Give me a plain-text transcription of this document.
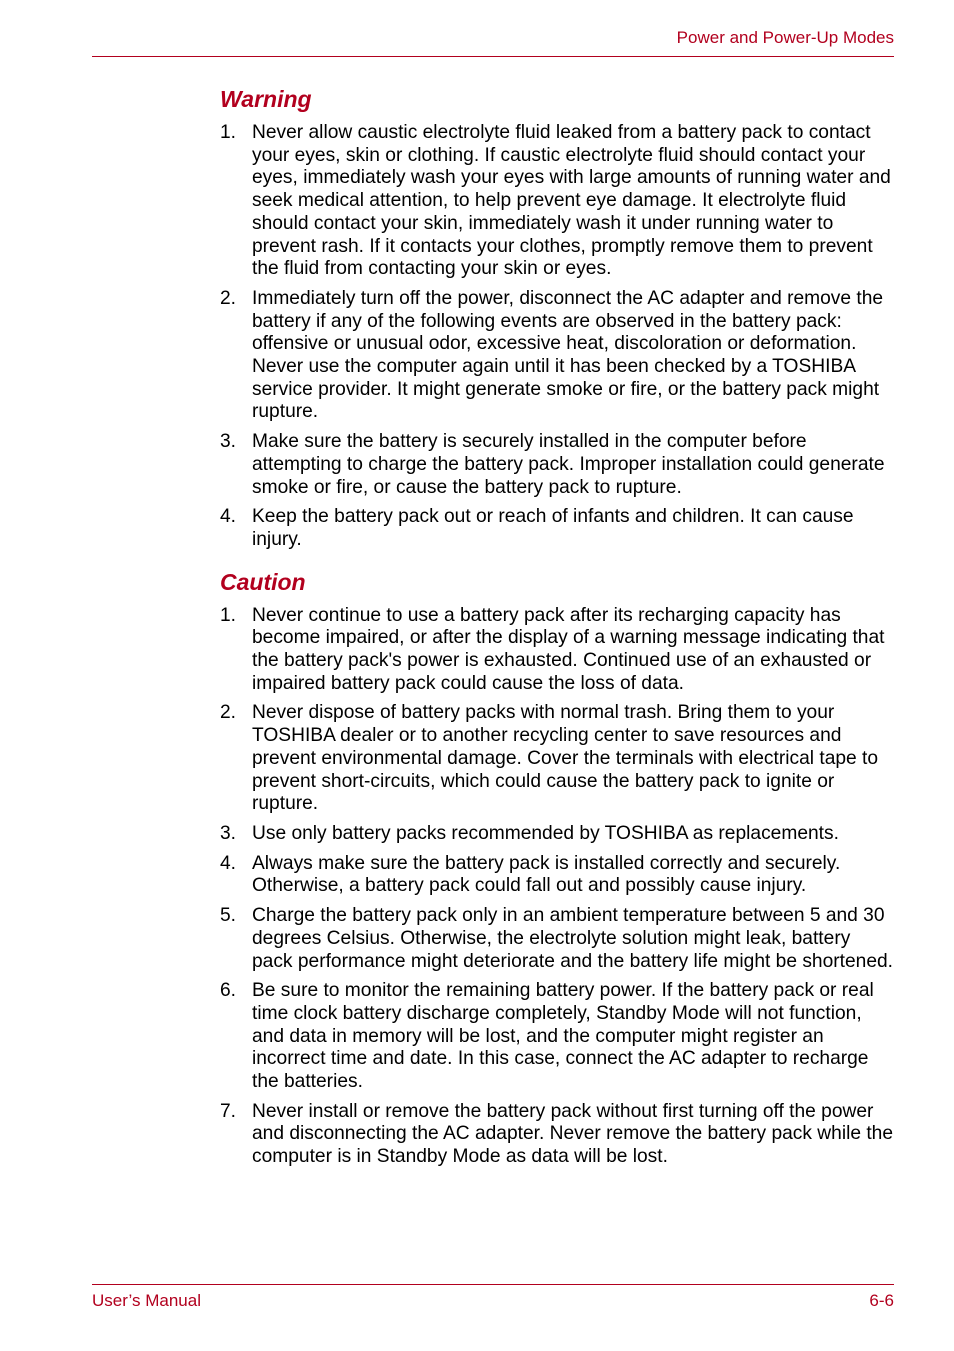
Power and Power-Up Modes
Warning
1. Never allow caustic electrolyte fluid leaked from a battery pack to contact your eyes, skin or clothing. If caustic electrolyte fluid should contact your eyes, immediately wash your eyes with large amounts of running water and seek medical attention, to help prevent eye damage. It electrolyte fluid should contact your skin, immediately wash it under running water to prevent rash. If it contacts your clothes, promptly remove them to prevent the fluid from contacting your skin or eyes.
2. Immediately turn off the power, disconnect the AC adapter and remove the battery if any of the following events are observed in the battery pack: offensive or unusual odor, excessive heat, discoloration or deformation. Never use the computer again until it has been checked by a TOSHIBA service provider. It might generate smoke or fire, or the battery pack might rupture.
3. Make sure the battery is securely installed in the computer before attempting to charge the battery pack. Improper installation could generate smoke or fire, or cause the battery pack to rupture.
4. Keep the battery pack out or reach of infants and children. It can cause injury.
Caution
1. Never continue to use a battery pack after its recharging capacity has become impaired, or after the display of a warning message indicating that the battery pack's power is exhausted. Continued use of an exhausted or impaired battery pack could cause the loss of data.
2. Never dispose of battery packs with normal trash. Bring them to your TOSHIBA dealer or to another recycling center to save resources and prevent environmental damage. Cover the terminals with electrical tape to prevent short-circuits, which could cause the battery pack to ignite or rupture.
3. Use only battery packs recommended by TOSHIBA as replacements.
4. Always make sure the battery pack is installed correctly and securely. Otherwise, a battery pack could fall out and possibly cause injury.
5. Charge the battery pack only in an ambient temperature between 5 and 30 degrees Celsius. Otherwise, the electrolyte solution might leak, battery pack performance might deteriorate and the battery life might be shortened.
6. Be sure to monitor the remaining battery power. If the battery pack or real time clock battery discharge completely, Standby Mode will not function, and data in memory will be lost, and the computer might register an incorrect time and date. In this case, connect the AC adapter to recharge the batteries.
7. Never install or remove the battery pack without first turning off the power and disconnecting the AC adapter. Never remove the battery pack while the computer is in Standby Mode as data will be lost.
User’s Manual	6-6
